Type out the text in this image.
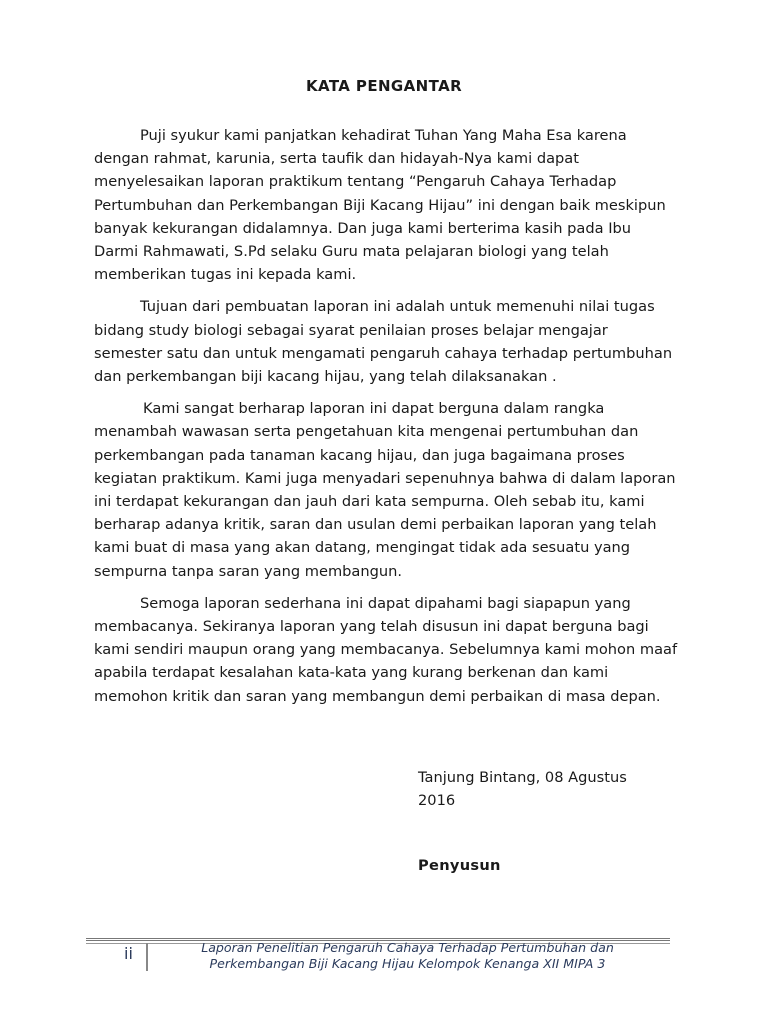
KATA PENGANTAR

Puji syukur kami panjatkan kehadirat Tuhan Yang Maha Esa karena dengan rahmat, karunia, serta taufik dan hidayah-Nya kami dapat menyelesaikan laporan praktikum tentang “Pengaruh Cahaya Terhadap Pertumbuhan dan Perkembangan Biji Kacang Hijau” ini dengan baik meskipun banyak kekurangan didalamnya. Dan juga kami berterima kasih pada Ibu Darmi Rahmawati, S.Pd selaku Guru mata pelajaran biologi yang telah memberikan tugas ini kepada kami.

Tujuan dari pembuatan laporan ini adalah untuk memenuhi nilai tugas bidang study biologi sebagai syarat penilaian proses belajar mengajar semester satu dan untuk mengamati pengaruh cahaya terhadap pertumbuhan dan perkembangan biji kacang hijau, yang telah dilaksanakan .

Kami sangat berharap laporan ini dapat berguna dalam rangka menambah wawasan serta pengetahuan kita mengenai pertumbuhan dan perkembangan pada tanaman kacang hijau, dan juga bagaimana proses kegiatan praktikum. Kami juga menyadari sepenuhnya bahwa di dalam laporan ini terdapat kekurangan dan jauh dari kata sempurna. Oleh sebab itu, kami berharap adanya kritik, saran dan usulan demi perbaikan laporan yang telah kami buat di masa yang akan datang, mengingat tidak ada sesuatu yang sempurna tanpa saran yang membangun.

Semoga laporan sederhana ini dapat dipahami bagi siapapun yang membacanya. Sekiranya laporan yang telah disusun ini dapat berguna bagi kami sendiri maupun orang yang membacanya. Sebelumnya kami mohon maaf apabila terdapat kesalahan kata-kata yang kurang berkenan dan kami memohon kritik dan saran yang membangun demi perbaikan di masa depan.

Tanjung Bintang, 08 Agustus
2016
Penyusun
ii	Laporan Penelitian Pengaruh Cahaya Terhadap Pertumbuhan dan
Perkembangan Biji Kacang Hijau Kelompok Kenanga XII MIPA 3
